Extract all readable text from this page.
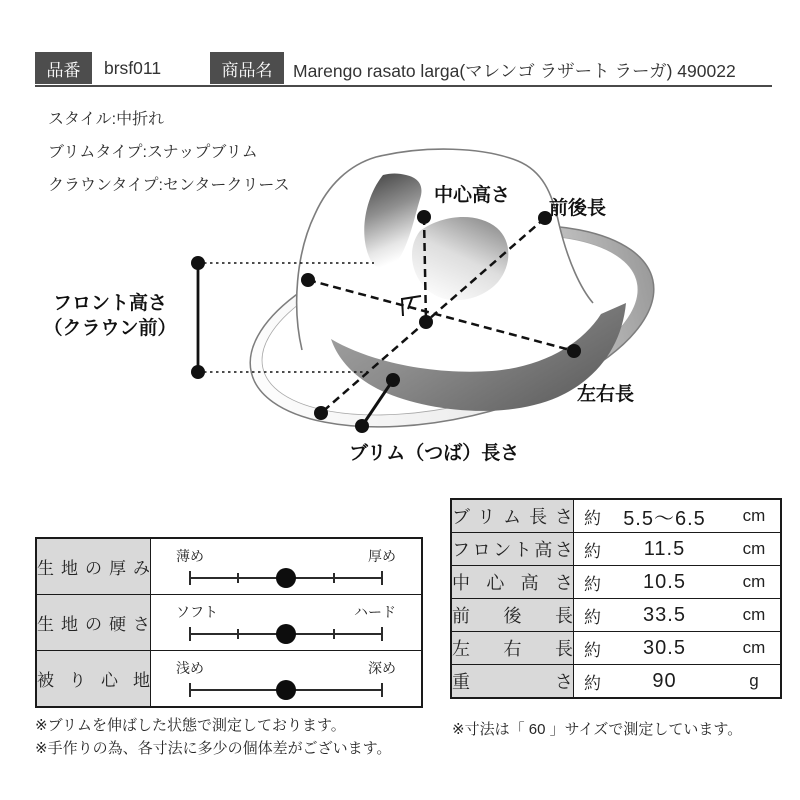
品番	brsf011	商品名	Marengo rasato larga(マレンゴ ラザート ラーガ) 490022
スタイル:中折れ
ブリムタイプ:スナップブリム
クラウンタイプ:センタークリース	中心高さ
前後長
フロント高さ
（クラウン前）
左右長
ブリム（つば）長さ
生地の厚み	薄め 厚め

生地の硬さ	ソフト ハード

被り心地	浅め 深め
ブリム長さ	約 5.5〜6.5 cm

フロント高さ	約 11.5 cm

中心高さ	約 10.5 cm

前後長	約 33.5 cm

左右長	約 30.5 cm

重さ	約 90 g
※ブリムを伸ばした状態で測定しております。
※手作りの為、各寸法に多少の個体差がございます。
※寸法は「 60 」サイズで測定しています。
